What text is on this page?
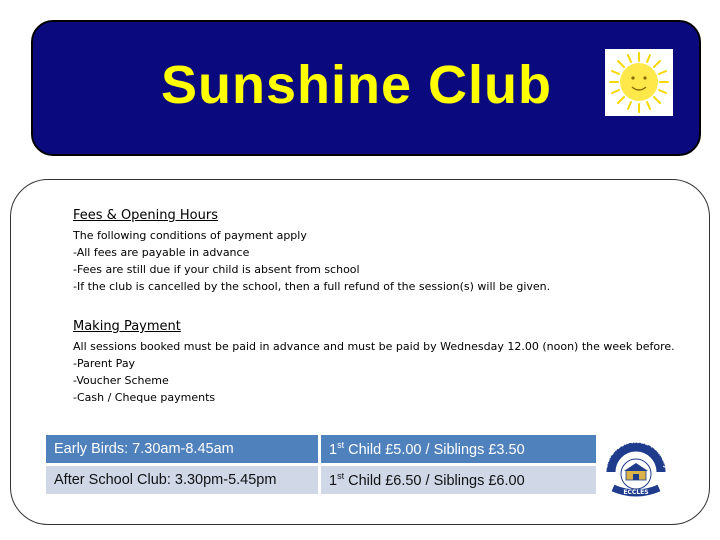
Sunshine Club
Fees & Opening Hours
The following conditions of payment apply
-All fees are payable in advance
-Fees are still due if your child is absent from school
-If the club is cancelled by the school, then a full refund of the session(s) will be given.
Making Payment
All sessions booked must be paid in advance and must be paid by Wednesday 12.00 (noon) the week before.
-Parent Pay
-Voucher Scheme
-Cash / Cheque payments
Early Birds: 7.30am-8.45am	1st Child £5.00 / Siblings £3.50
After School Club: 3.30pm-5.45pm	1st Child £6.50 / Siblings £6.00
Clarendon Road Primary
ECCLES
